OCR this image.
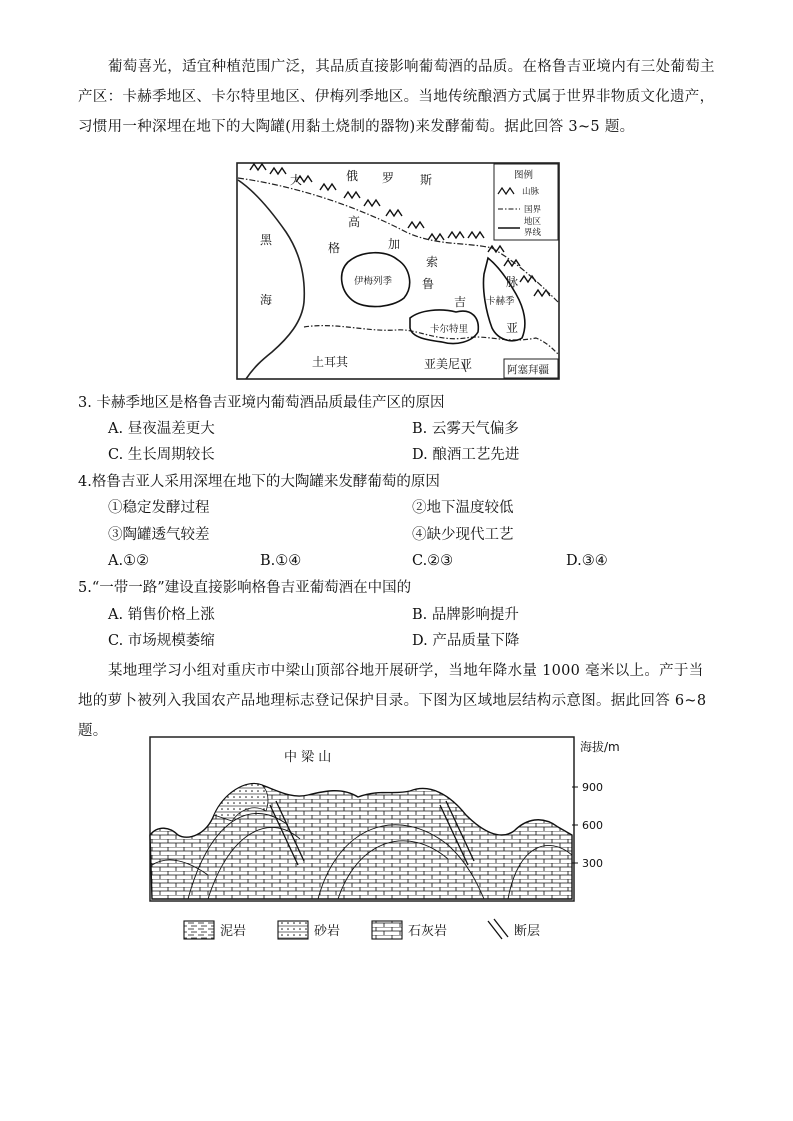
葡萄喜光，适宜种植范围广泛，其品质直接影响葡萄酒的品质。在格鲁吉亚境内有三处葡萄主产区：卡赫季地区、卡尔特里地区、伊梅列季地区。当地传统酿酒方式属于世界非物质文化遗产，习惯用一种深埋在地下的大陶罐(用黏土烧制的器物)来发酵葡萄。据此回答 3~5 题。
大
高
加
索
俄 罗 斯
黑
海
格
鲁
吉
亚
脉
土耳其	亚美尼亚
伊梅列季
卡尔特里
卡赫季
阿塞拜疆
图例
山脉
国界
地区
界线
3. 卡赫季地区是格鲁吉亚境内葡萄酒品质最佳产区的原因
A. 昼夜温差更大	B. 云雾天气偏多
C. 生长周期较长	D. 酿酒工艺先进
4.格鲁吉亚人采用深埋在地下的大陶罐来发酵葡萄的原因
①稳定发酵过程	②地下温度较低
③陶罐透气较差	④缺少现代工艺
A.①②	B.①④	C.②③	D.③④
5.“一带一路”建设直接影响格鲁吉亚葡萄酒在中国的
A. 销售价格上涨	B. 品牌影响提升
C. 市场规模萎缩	D. 产品质量下降
某地理学习小组对重庆市中梁山顶部谷地开展研学，当地年降水量 1000 毫米以上。产于当地的萝卜被列入我国农产品地理标志登记保护目录。下图为区域地层结构示意图。据此回答 6~8 题。
中 梁 山
海拔/m
900
600
300
泥岩	砂岩	石灰岩	断层
